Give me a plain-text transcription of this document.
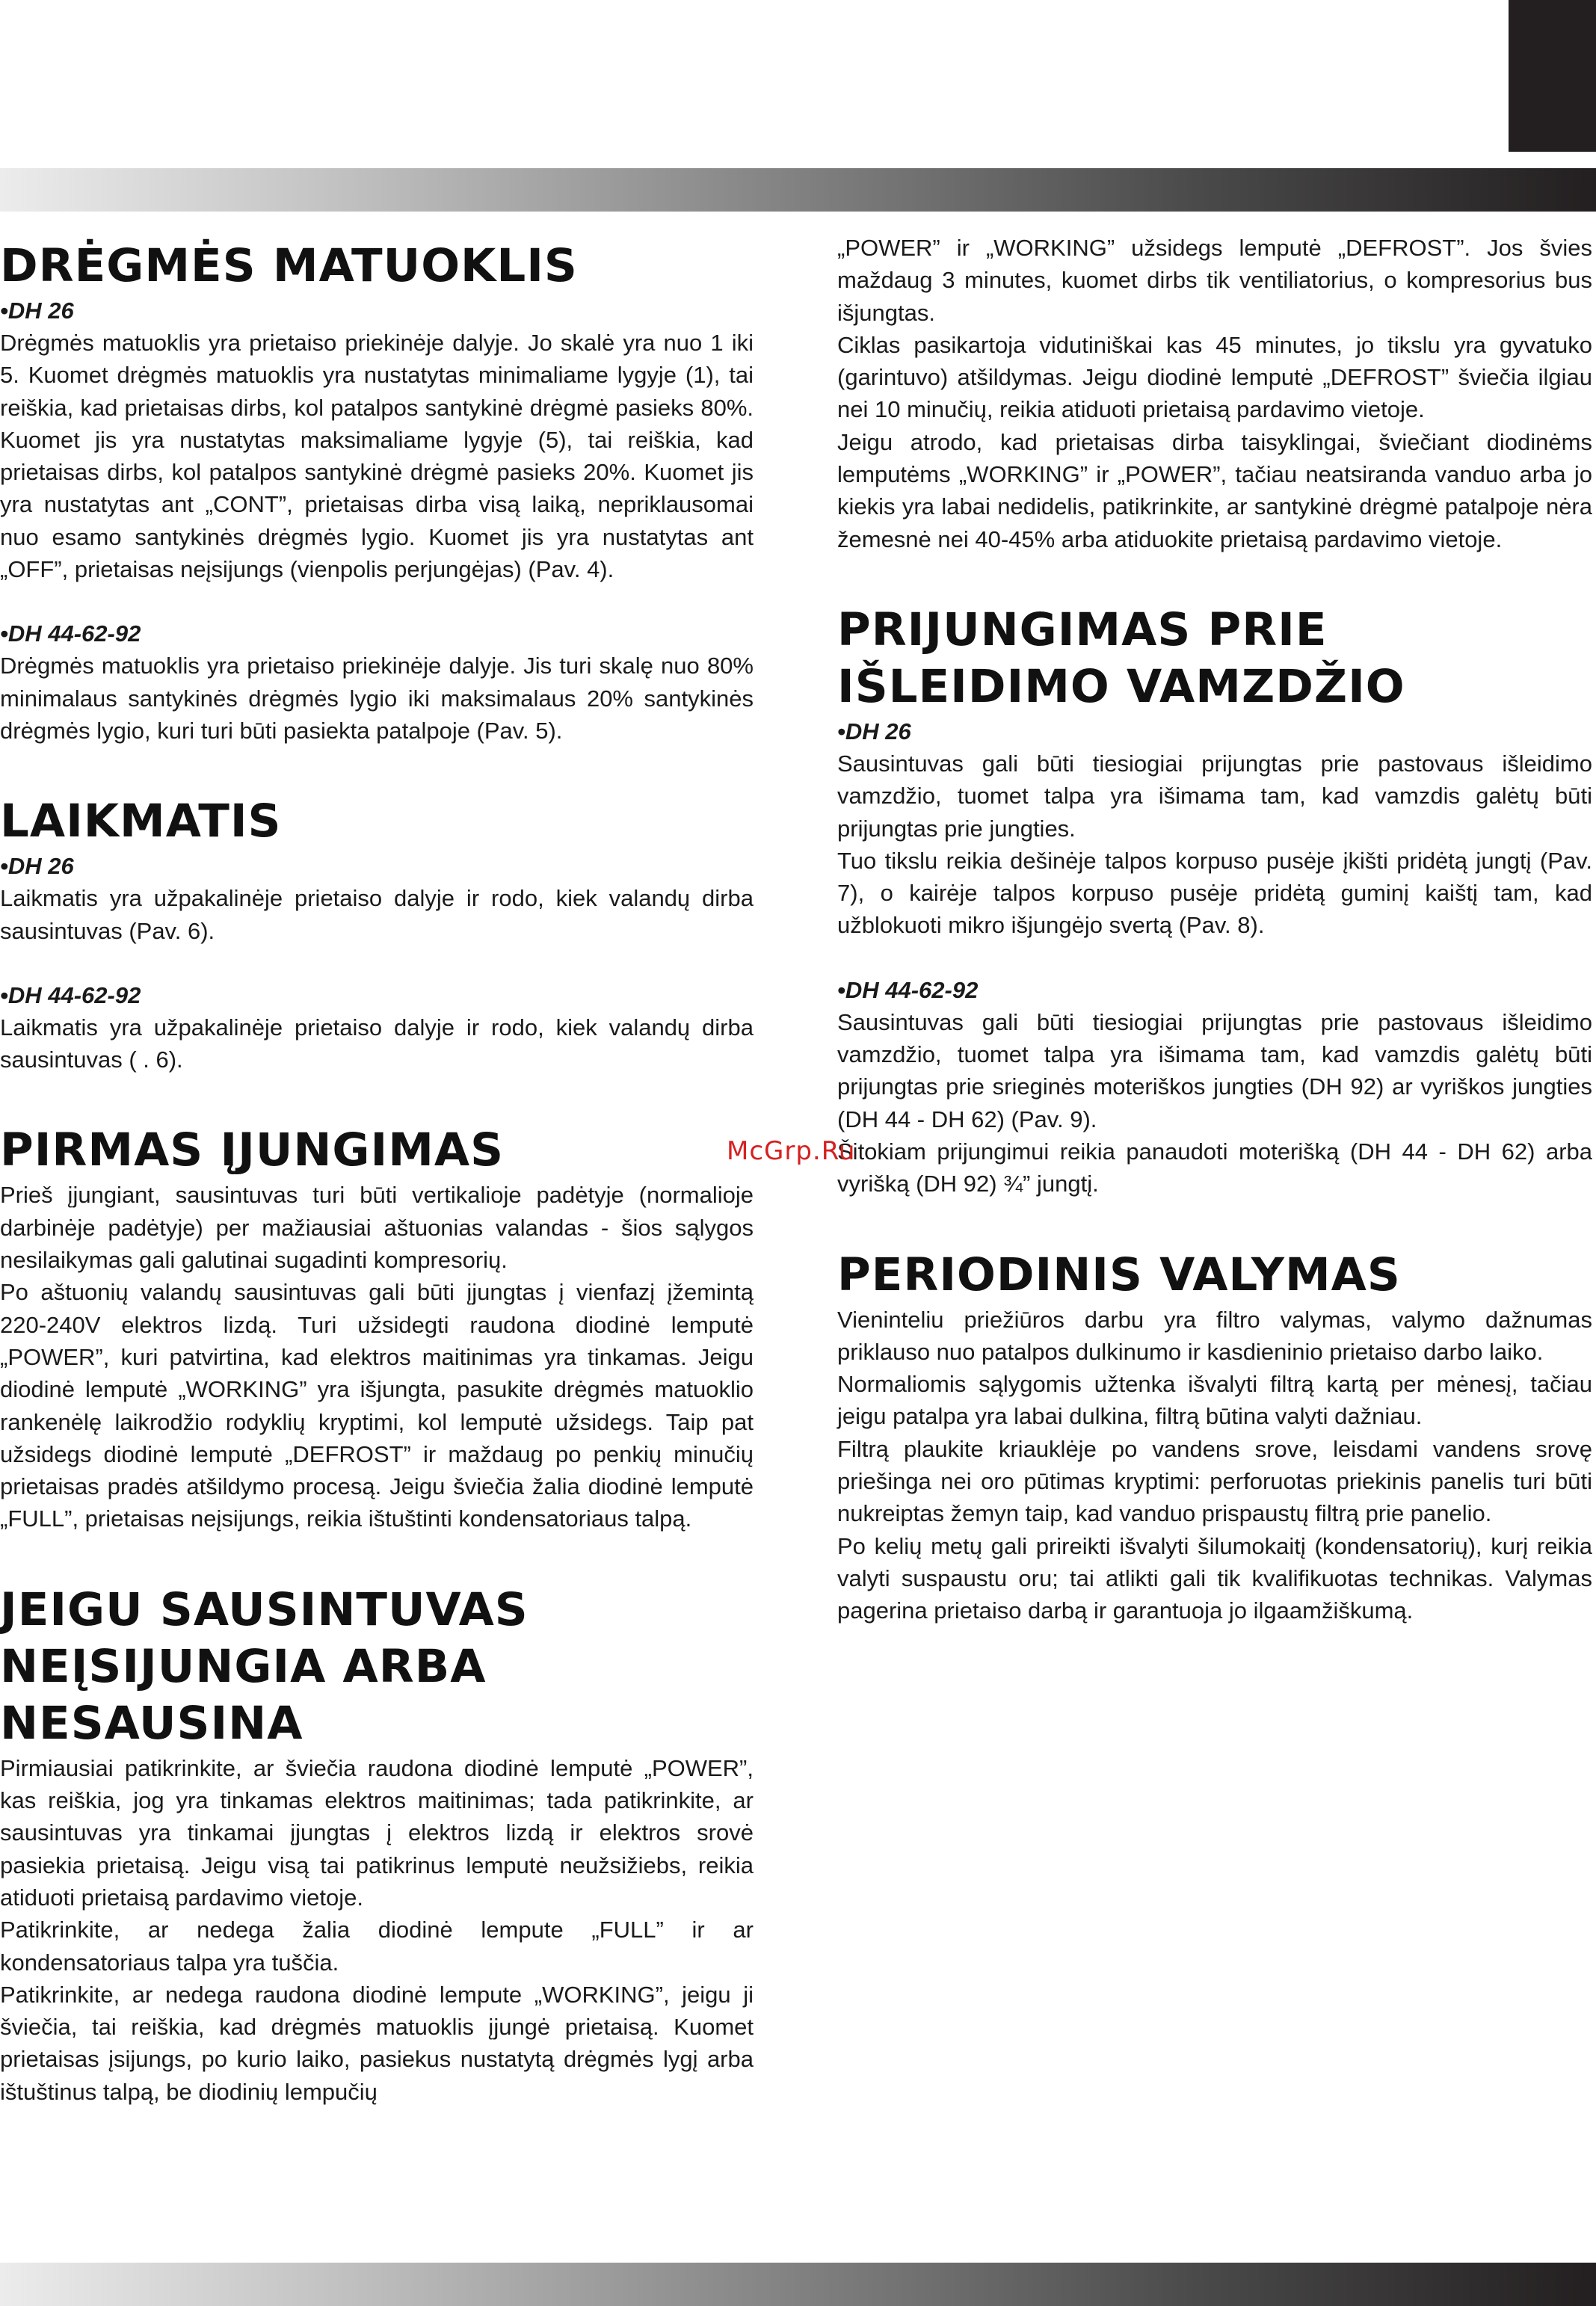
DRĖGMĖS MATUOKLIS
•DH 26

Drėgmės matuoklis yra prietaiso priekinėje dalyje. Jo skalė yra nuo 1 iki 5. Kuomet drėgmės matuoklis yra nustatytas minimaliame lygyje (1), tai reiškia, kad prietaisas dirbs, kol patalpos santykinė drėgmė pasieks 80%. Kuomet jis yra nustatytas maksimaliame lygyje (5), tai reiškia, kad prietaisas dirbs, kol patalpos santykinė drėgmė pasieks 20%. Kuomet jis yra nustatytas ant „CONT”, prietaisas dirba visą laiką, nepriklausomai nuo esamo santykinės drėgmės lygio. Kuomet jis yra nustatytas ant „OFF”, prietaisas neįsijungs (vienpolis perjungėjas) (Pav. 4).

•DH 44-62-92

Drėgmės matuoklis yra prietaiso priekinėje dalyje. Jis turi skalę nuo 80% minimalaus santykinės drėgmės lygio iki maksimalaus 20% santykinės drėgmės lygio, kuri turi būti pasiekta patalpoje (Pav. 5).

LAIKMATIS
•DH 26

Laikmatis yra užpakalinėje prietaiso dalyje ir rodo, kiek valandų dirba sausintuvas (Pav. 6).

•DH 44-62-92

Laikmatis yra užpakalinėje prietaiso dalyje ir rodo, kiek valandų dirba sausintuvas ( . 6).

PIRMAS ĮJUNGIMAS

Prieš įjungiant, sausintuvas turi būti vertikalioje padėtyje (normalioje darbinėje padėtyje) per mažiausiai aštuonias valandas - šios sąlygos nesilaikymas gali galutinai sugadinti kompresorių.

Po aštuonių valandų sausintuvas gali būti įjungtas į vienfazį įžemintą 220-240V elektros lizdą. Turi užsidegti raudona diodinė lemputė „POWER”, kuri patvirtina, kad elektros maitinimas yra tinkamas. Jeigu diodinė lemputė „WORKING” yra išjungta, pasukite drėgmės matuoklio rankenėlę laikrodžio rodyklių kryptimi, kol lemputė užsidegs. Taip pat užsidegs diodinė lemputė „DEFROST” ir maždaug po penkių minučių prietaisas pradės atšildymo procesą. Jeigu šviečia žalia diodinė lemputė „FULL”, prietaisas neįsijungs, reikia ištuštinti kondensatoriaus talpą.

JEIGU SAUSINTUVAS
NEĮSIJUNGIA ARBA
NESAUSINA

Pirmiausiai patikrinkite, ar šviečia raudona diodinė lemputė „POWER”, kas reiškia, jog yra tinkamas elektros maitinimas; tada patikrinkite, ar sausintuvas yra tinkamai įjungtas į elektros lizdą ir elektros srovė pasiekia prietaisą. Jeigu visą tai patikrinus lemputė neužsižiebs, reikia atiduoti prietaisą pardavimo vietoje.

Patikrinkite, ar nedega žalia diodinė lempute „FULL” ir ar kondensatoriaus talpa yra tuščia.

Patikrinkite, ar nedega raudona diodinė lempute „WORKING”, jeigu ji šviečia, tai reiškia, kad drėgmės matuoklis įjungė prietaisą. Kuomet prietaisas įsijungs, po kurio laiko, pasiekus nustatytą drėgmės lygį arba ištuštinus talpą, be diodinių lempučių

„POWER” ir „WORKING” užsidegs lemputė „DEFROST”. Jos švies maždaug 3 minutes, kuomet dirbs tik ventiliatorius, o kompresorius bus išjungtas.

Ciklas pasikartoja vidutiniškai kas 45 minutes, jo tikslu yra gyvatuko (garintuvo) atšildymas. Jeigu diodinė lemputė „DEFROST” šviečia ilgiau nei 10 minučių, reikia atiduoti prietaisą pardavimo vietoje.

Jeigu atrodo, kad prietaisas dirba taisyklingai, šviečiant diodinėms lemputėms „WORKING” ir „POWER”, tačiau neatsiranda vanduo arba jo kiekis yra labai nedidelis, patikrinkite, ar santykinė drėgmė patalpoje nėra žemesnė nei 40-45% arba atiduokite prietaisą pardavimo vietoje.

PRIJUNGIMAS PRIE
IŠLEIDIMO VAMZDŽIO
•DH 26

Sausintuvas gali būti tiesiogiai prijungtas prie pastovaus išleidimo vamzdžio, tuomet talpa yra išimama tam, kad vamzdis galėtų būti prijungtas prie jungties.

Tuo tikslu reikia dešinėje talpos korpuso pusėje įkišti pridėtą jungtį (Pav. 7), o kairėje talpos korpuso pusėje pridėtą guminį kaištį tam, kad užblokuoti mikro išjungėjo svertą (Pav. 8).

•DH 44-62-92

Sausintuvas gali būti tiesiogiai prijungtas prie pastovaus išleidimo vamzdžio, tuomet talpa yra išimama tam, kad vamzdis galėtų būti prijungtas prie srieginės moteriškos jungties (DH 92) ar vyriškos jungties (DH 44 - DH 62) (Pav. 9).

Šitokiam prijungimui reikia panaudoti moterišką (DH 44 - DH 62) arba vyrišką (DH 92) ¾” jungtį.

PERIODINIS VALYMAS

Vieninteliu priežiūros darbu yra filtro valymas, valymo dažnumas priklauso nuo patalpos dulkinumo ir kasdieninio prietaiso darbo laiko.

Normaliomis sąlygomis užtenka išvalyti filtrą kartą per mėnesį, tačiau jeigu patalpa yra labai dulkina, filtrą būtina valyti dažniau.

Filtrą plaukite kriauklėje po vandens srove, leisdami vandens srovę priešinga nei oro pūtimas kryptimi: perforuotas priekinis panelis turi būti nukreiptas žemyn taip, kad vanduo prispaustų filtrą prie panelio.

Po kelių metų gali prireikti išvalyti šilumokaitį (kondensatorių), kurį reikia valyti suspaustu oru; tai atlikti gali tik kvalifikuotas technikas. Valymas pagerina prietaiso darbą ir garantuoja jo ilgaamžiškumą.

McGrp.Ru
